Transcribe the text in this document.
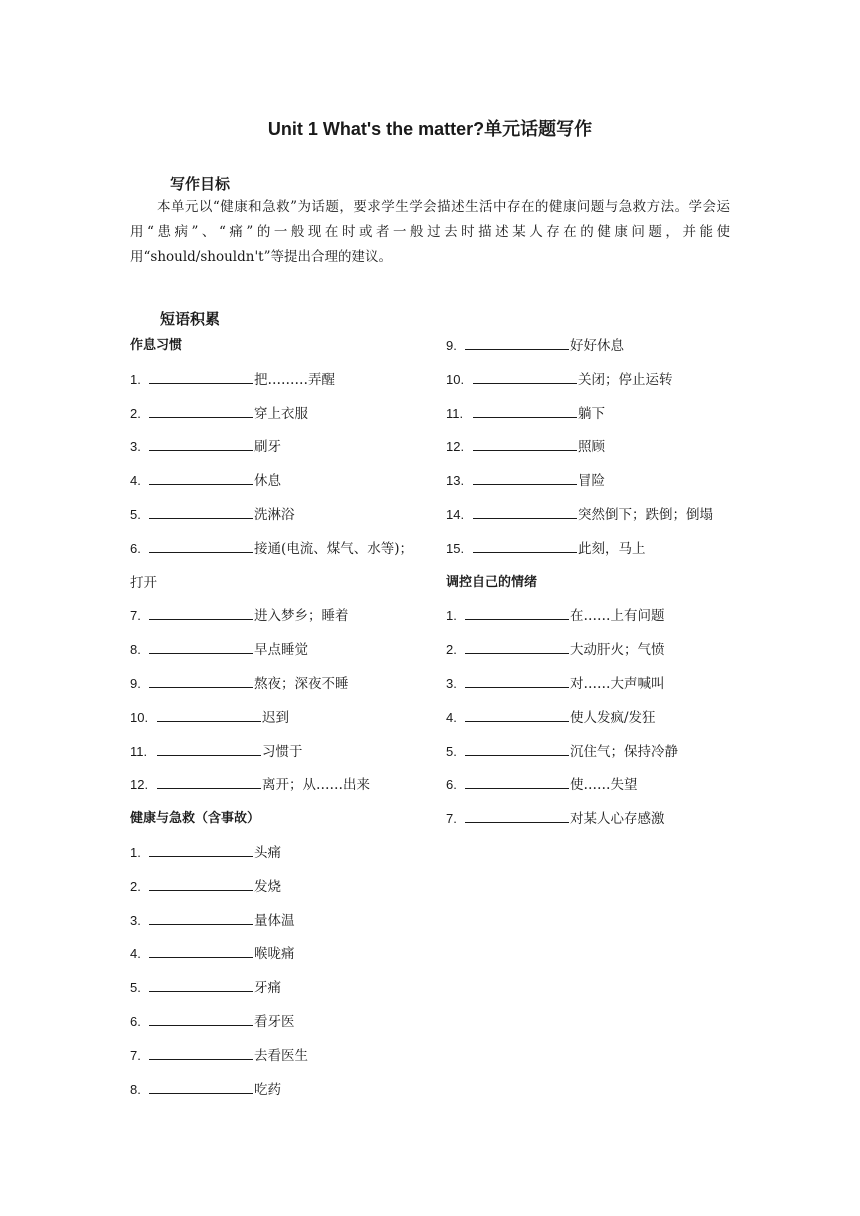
Unit 1 What's the matter?单元话题写作
写作目标

本单元以“健康和急救”为话题，要求学生学会描述生活中存在的健康问题与急救方法。学会运用“患病”、“痛”的一般现在时或者一般过去时描述某人存在的健康问题，并能使用“should/shouldn't”等提出合理的建议。

短语积累
作息习惯
1.	把………弄醒
2.	穿上衣服
3.	刷牙
4.	休息
5.	洗淋浴
6.	接通(电流、煤气、水等)；
打开
7.	进入梦乡；睡着
8.	早点睡觉
9.	熬夜；深夜不睡
10.	迟到
11.	习惯于
12.	离开；从……出来
健康与急救（含事故）
1.	头痛
2.	发烧
3.	量体温
4.	喉咙痛
5.	牙痛
6.	看牙医
7.	去看医生
8.	吃药
9.	好好休息
10.	关闭；停止运转
11.	躺下
12.	照顾
13.	冒险
14.	突然倒下；跌倒；倒塌
15.	此刻，马上
调控自己的情绪
1.	在……上有问题
2.	大动肝火；气愤
3.	对……大声喊叫
4.	使人发疯/发狂
5.	沉住气；保持冷静
6.	使……失望
7.	对某人心存感激
